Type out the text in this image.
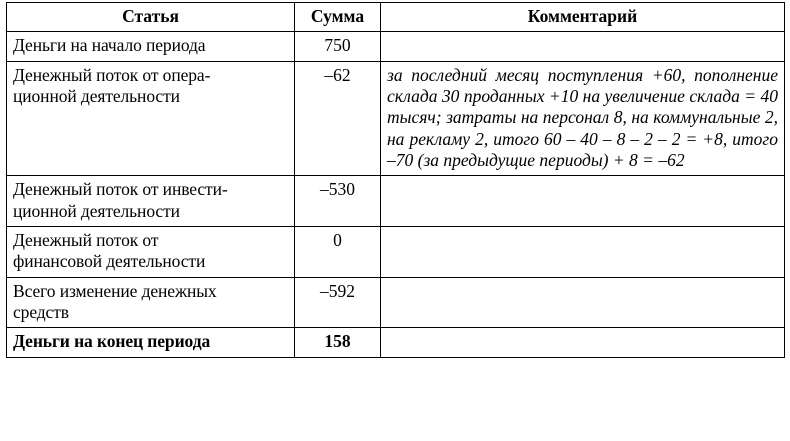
Статья	Сумма	Комментарий
Деньги на начало периода	750	

Денежный поток от опера-
ционной деятельности	–62	за последний месяц поступления +60, пополнение склада 30 проданных +10 на увеличение склада = 40 тысяч; затраты на персонал 8, на коммунальные 2, на рекламу 2, итого 60 – 40 – 8 – 2 – 2 = +8, итого –70 (за предыдущие периоды) + 8 = –62

Денежный поток от инвести-
ционной деятельности	–530	

Денежный поток от
финансовой деятельности	0	

Всего изменение денежных
средств	–592	
Деньги на конец периода	158	
